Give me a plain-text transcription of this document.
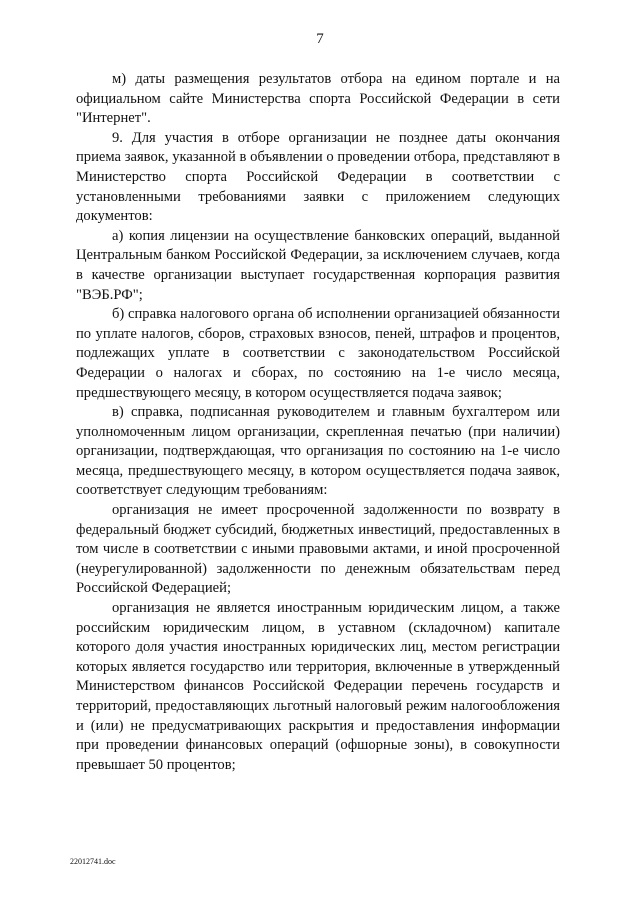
7

м) даты размещения результатов отбора на едином портале и на официальном сайте Министерства спорта Российской Федерации в сети "Интернет".

9. Для участия в отборе организации не позднее даты окончания приема заявок, указанной в объявлении о проведении отбора, представляют в Министерство спорта Российской Федерации в соответствии с установленными требованиями заявки с приложением следующих документов:

а) копия лицензии на осуществление банковских операций, выданной Центральным банком Российской Федерации, за исключением случаев, когда в качестве организации выступает государственная корпорация развития "ВЭБ.РФ";

б) справка налогового органа об исполнении организацией обязанности по уплате налогов, сборов, страховых взносов, пеней, штрафов и процентов, подлежащих уплате в соответствии с законодательством Российской Федерации о налогах и сборах, по состоянию на 1-е число месяца, предшествующего месяцу, в котором осуществляется подача заявок;

в) справка, подписанная руководителем и главным бухгалтером или уполномоченным лицом организации, скрепленная печатью (при наличии) организации, подтверждающая, что организация по состоянию на 1-е число месяца, предшествующего месяцу, в котором осуществляется подача заявок, соответствует следующим требованиям:

организация не имеет просроченной задолженности по возврату в федеральный бюджет субсидий, бюджетных инвестиций, предоставленных в том числе в соответствии с иными правовыми актами, и иной просроченной (неурегулированной) задолженности по денежным обязательствам перед Российской Федерацией;

организация не является иностранным юридическим лицом, а также российским юридическим лицом, в уставном (складочном) капитале которого доля участия иностранных юридических лиц, местом регистрации которых является государство или территория, включенные в утвержденный Министерством финансов Российской Федерации перечень государств и территорий, предоставляющих льготный налоговый режим налогообложения и (или) не предусматривающих раскрытия и предоставления информации при проведении финансовых операций (офшорные зоны), в совокупности превышает 50 процентов;

22012741.doc
